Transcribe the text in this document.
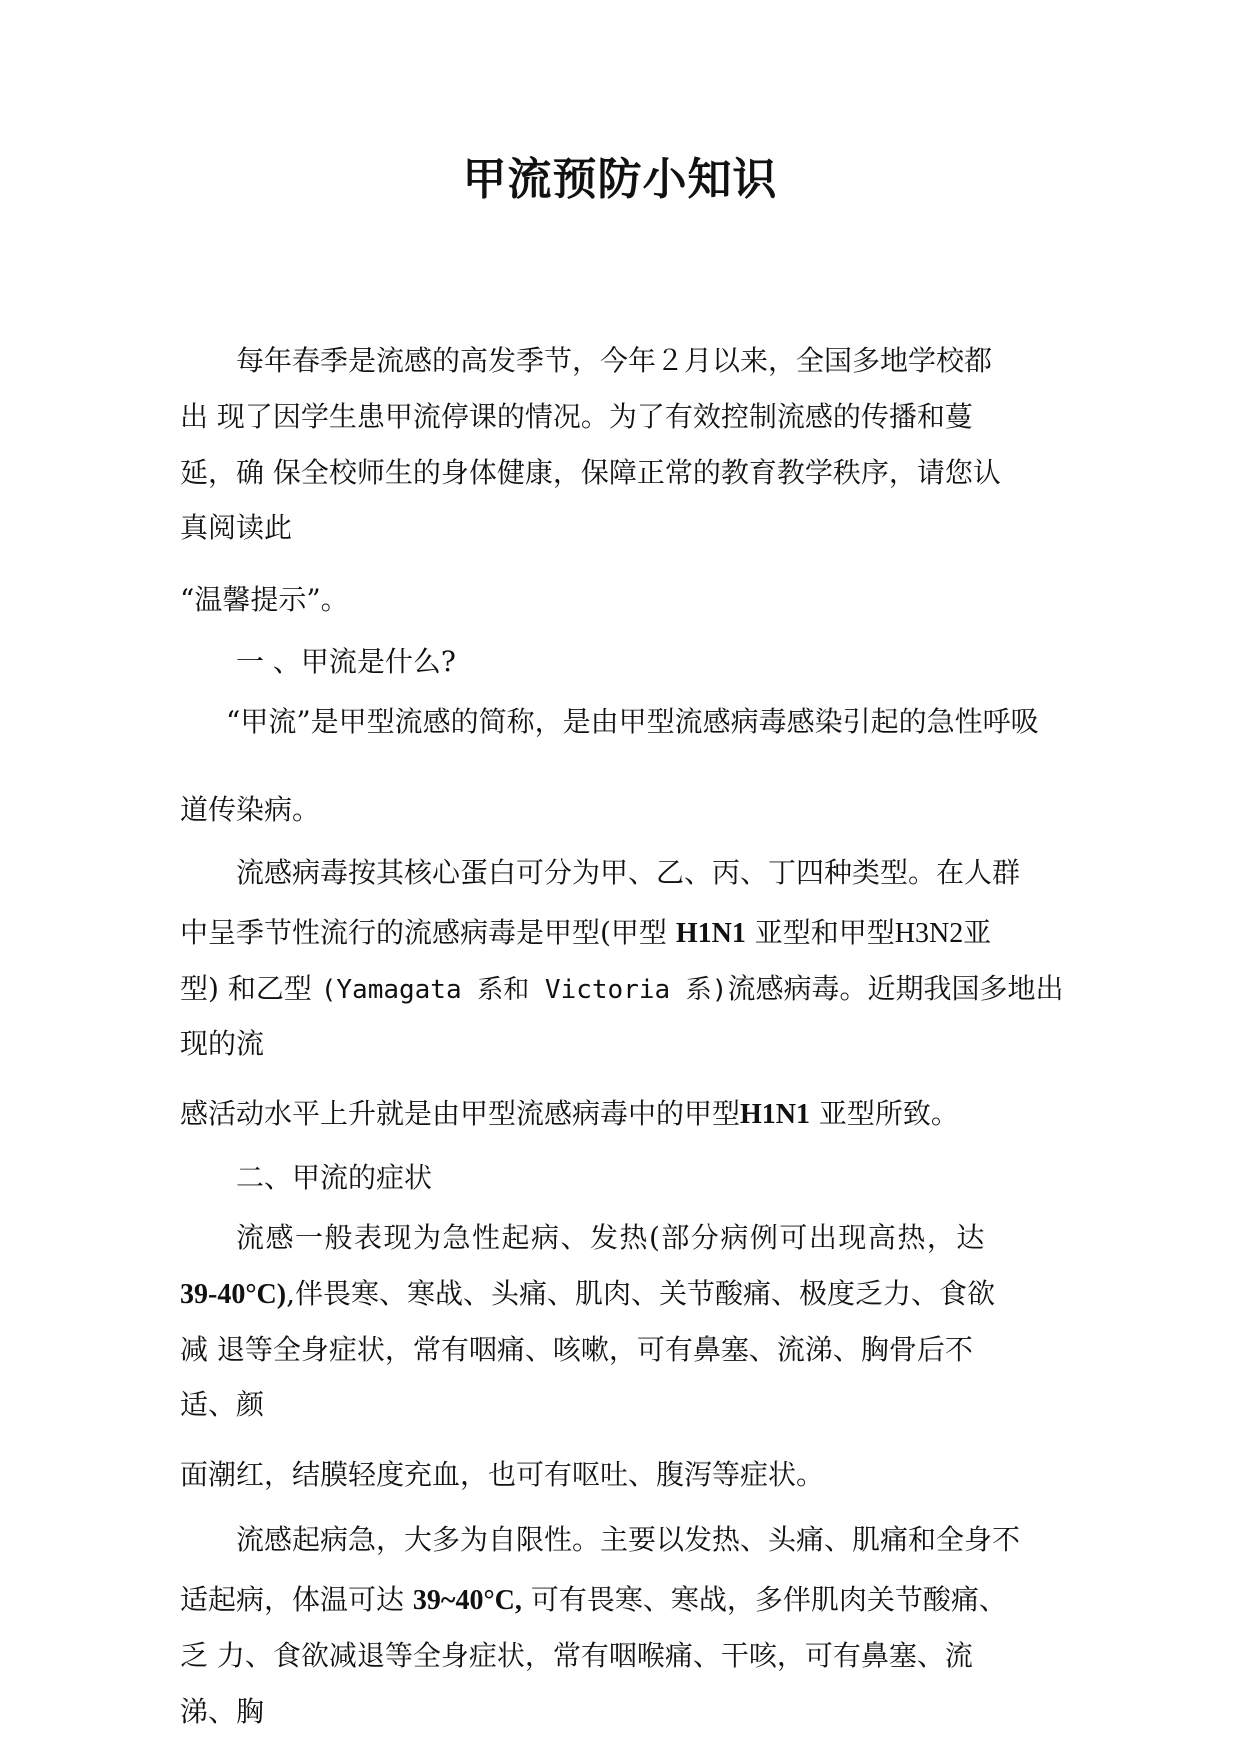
甲流预防小知识

每年春季是流感的高发季节，今年２月以来，全国多地学校都

出 现了因学生患甲流停课的情况。为了有效控制流感的传播和蔓

延，确 保全校师生的身体健康，保障正常的教育教学秩序，请您认

真阅读此

“温馨提示”。

一 、甲流是什么?

“甲流”是甲型流感的简称，是由甲型流感病毒感染引起的急性呼吸

道传染病。

流感病毒按其核心蛋白可分为甲、乙、丙、丁四种类型。在人群

中呈季节性流行的流感病毒是甲型(甲型 H1N1 亚型和甲型H3N2亚

型) 和乙型 (Yamagata 系和 Victoria 系)流感病毒。近期我国多地出

现的流

感活动水平上升就是由甲型流感病毒中的甲型H1N1 亚型所致。

二、甲流的症状

流感一般表现为急性起病、发热(部分病例可出现高热，达

39-40°C),伴畏寒、寒战、头痛、肌肉、关节酸痛、极度乏力、食欲

减 退等全身症状，常有咽痛、咳嗽，可有鼻塞、流涕、胸骨后不

适、颜

面潮红，结膜轻度充血，也可有呕吐、腹泻等症状。

流感起病急，大多为自限性。主要以发热、头痛、肌痛和全身不

适起病，体温可达 39~40°C, 可有畏寒、寒战，多伴肌肉关节酸痛、

乏 力、食欲减退等全身症状，常有咽喉痛、干咳，可有鼻塞、流

涕、胸
